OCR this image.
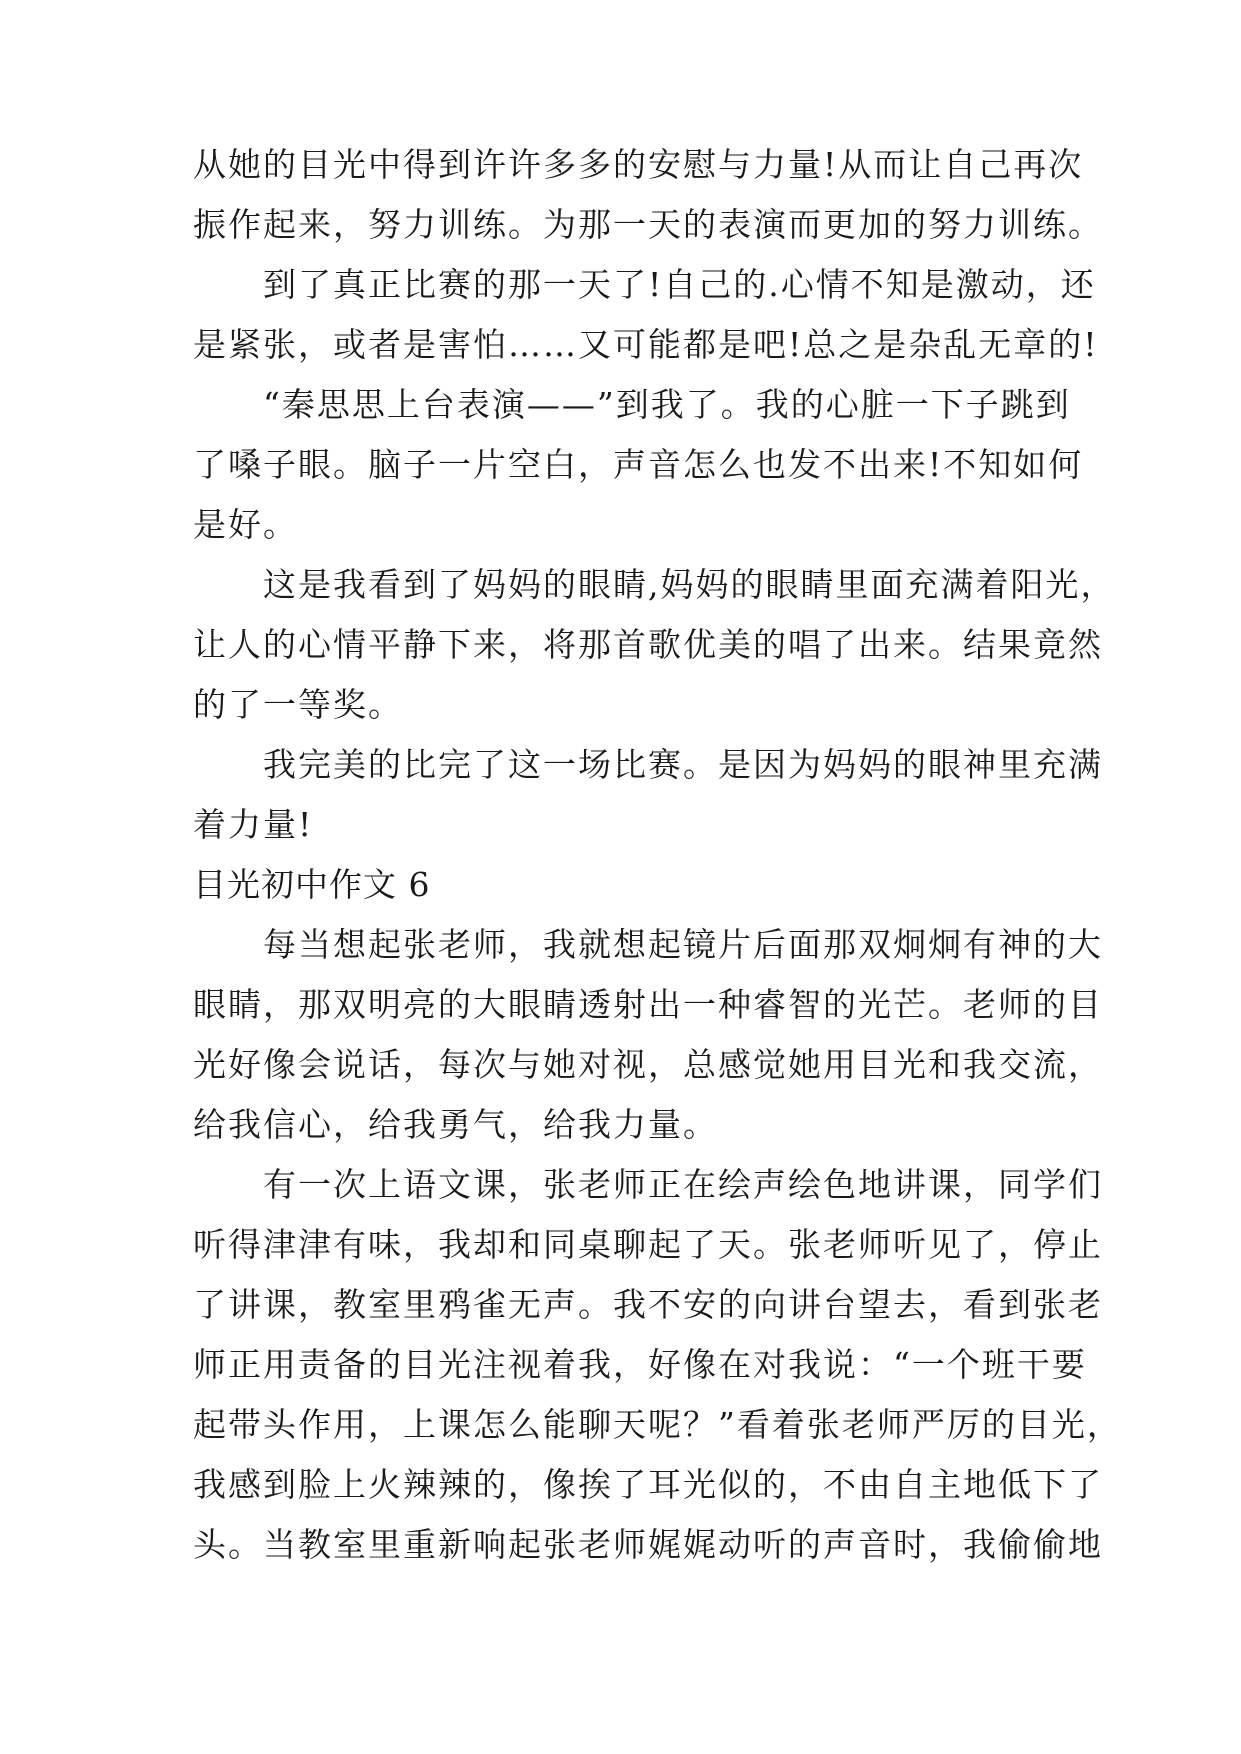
从她的目光中得到许许多多的安慰与力量!从而让自己再次
振作起来，努力训练。为那一天的表演而更加的努力训练。

　　到了真正比赛的那一天了!自己的.心情不知是激动，还
是紧张，或者是害怕……又可能都是吧!总之是杂乱无章的!

　　“秦思思上台表演——”到我了。我的心脏一下子跳到
了嗓子眼。脑子一片空白，声音怎么也发不出来!不知如何
是好。

　　这是我看到了妈妈的眼睛,妈妈的眼睛里面充满着阳光，
让人的心情平静下来，将那首歌优美的唱了出来。结果竟然
的了一等奖。

　　我完美的比完了这一场比赛。是因为妈妈的眼神里充满
着力量!

目光初中作文 6

　　每当想起张老师，我就想起镜片后面那双炯炯有神的大
眼睛，那双明亮的大眼睛透射出一种睿智的光芒。老师的目
光好像会说话，每次与她对视，总感觉她用目光和我交流，
给我信心，给我勇气，给我力量。

　　有一次上语文课，张老师正在绘声绘色地讲课，同学们
听得津津有味，我却和同桌聊起了天。张老师听见了，停止
了讲课，教室里鸦雀无声。我不安的向讲台望去，看到张老
师正用责备的目光注视着我，好像在对我说：“一个班干要
起带头作用，上课怎么能聊天呢？”看着张老师严厉的目光，
我感到脸上火辣辣的，像挨了耳光似的，不由自主地低下了
头。当教室里重新响起张老师娓娓动听的声音时，我偷偷地
